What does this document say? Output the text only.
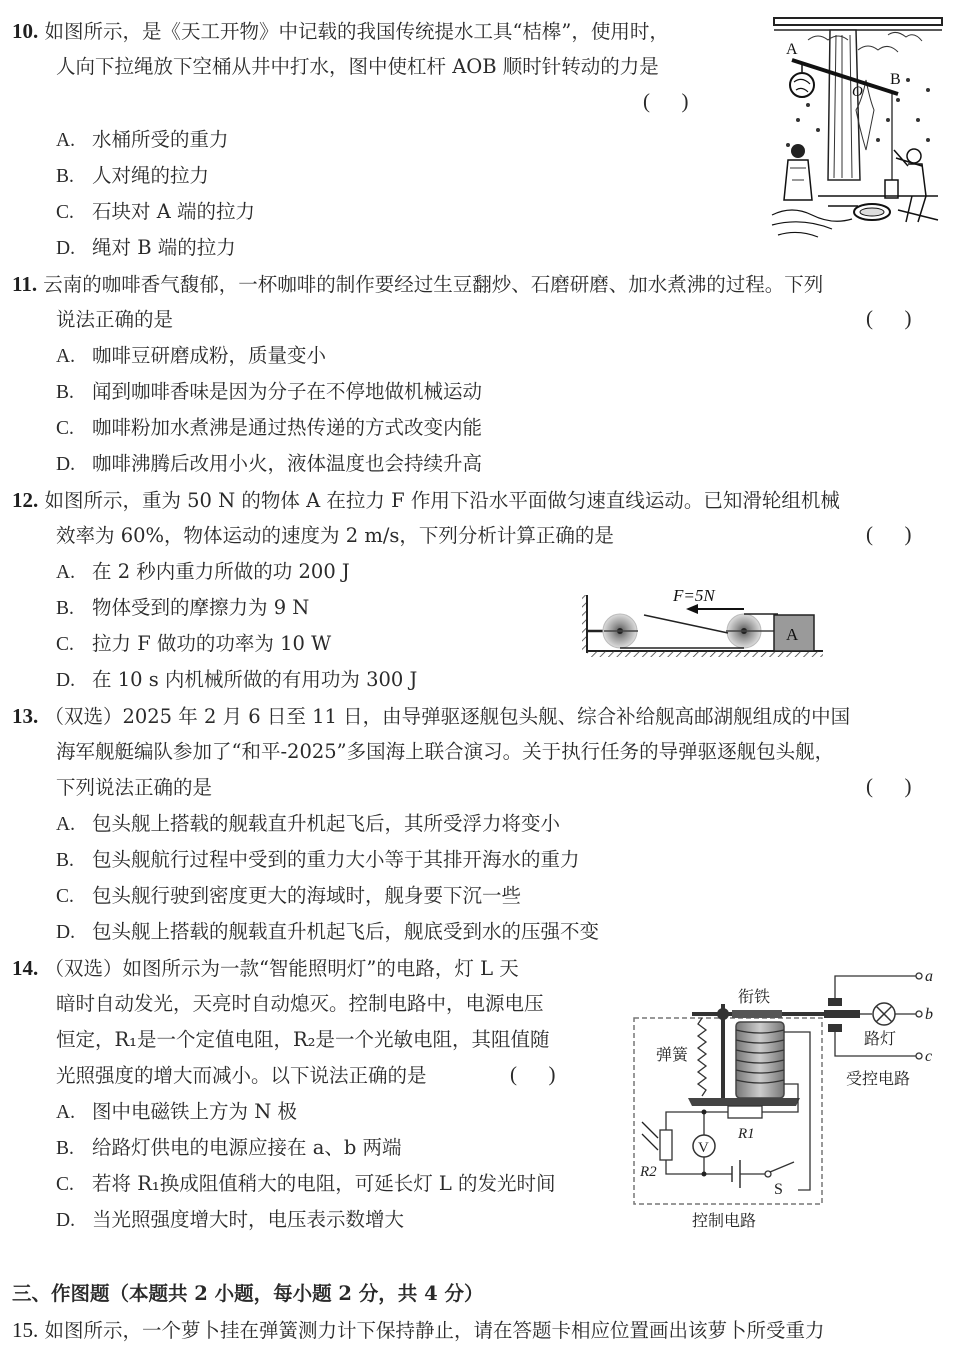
10. 如图所示，是《天工开物》中记载的我国传统提水工具“桔槔”，使用时，
人向下拉绳放下空桶从井中打水，图中使杠杆 AOB 顺时针转动的力是
(      )
A. 水桶所受的重力
B. 人对绳的拉力
C. 石块对 A 端的拉力
D. 绳对 B 端的拉力
A
O
B
11. 云南的咖啡香气馥郁，一杯咖啡的制作要经过生豆翻炒、石磨研磨、加水煮沸的过程。下列
说法正确的是	(      )
A. 咖啡豆研磨成粉，质量变小
B. 闻到咖啡香味是因为分子在不停地做机械运动
C. 咖啡粉加水煮沸是通过热传递的方式改变内能
D. 咖啡沸腾后改用小火，液体温度也会持续升高
12. 如图所示，重为 50 N 的物体 A 在拉力 F 作用下沿水平面做匀速直线运动。已知滑轮组机械
效率为 60%，物体运动的速度为 2 m/s，下列分析计算正确的是	(      )
A. 在 2 秒内重力所做的功 200 J
B. 物体受到的摩擦力为 9 N
C. 拉力 F 做功的功率为 10 W
D. 在 10 s 内机械所做的有用功为 300 J
F=5N
A
13. （双选）2025 年 2 月 6 日至 11 日，由导弹驱逐舰包头舰、综合补给舰高邮湖舰组成的中国
海军舰艇编队参加了“和平-2025”多国海上联合演习。关于执行任务的导弹驱逐舰包头舰，
下列说法正确的是	(      )
A. 包头舰上搭载的舰载直升机起飞后，其所受浮力将变小
B. 包头舰航行过程中受到的重力大小等于其排开海水的重力
C. 包头舰行驶到密度更大的海域时，舰身要下沉一些
D. 包头舰上搭载的舰载直升机起飞后，舰底受到水的压强不变
14. （双选）如图所示为一款“智能照明灯”的电路，灯 L 天
暗时自动发光，天亮时自动熄灭。控制电路中，电源电压
恒定，R₁是一个定值电阻，R₂是一个光敏电阻，其阻值随
光照强度的增大而减小。以下说法正确的是	(      )
A. 图中电磁铁上方为 N 极
B. 给路灯供电的电源应接在 a、b 两端
C. 若将 R₁换成阻值稍大的电阻，可延长灯 L 的发光时间
D. 当光照强度增大时，电压表示数增大
衔铁
弹簧
路灯
a
b
c
受控电路
R1
R2
V
S
控制电路
三、作图题（本题共 2 小题，每小题 2 分，共 4 分）
15. 如图所示，一个萝卜挂在弹簧测力计下保持静止，请在答题卡相应位置画出该萝卜所受重力
